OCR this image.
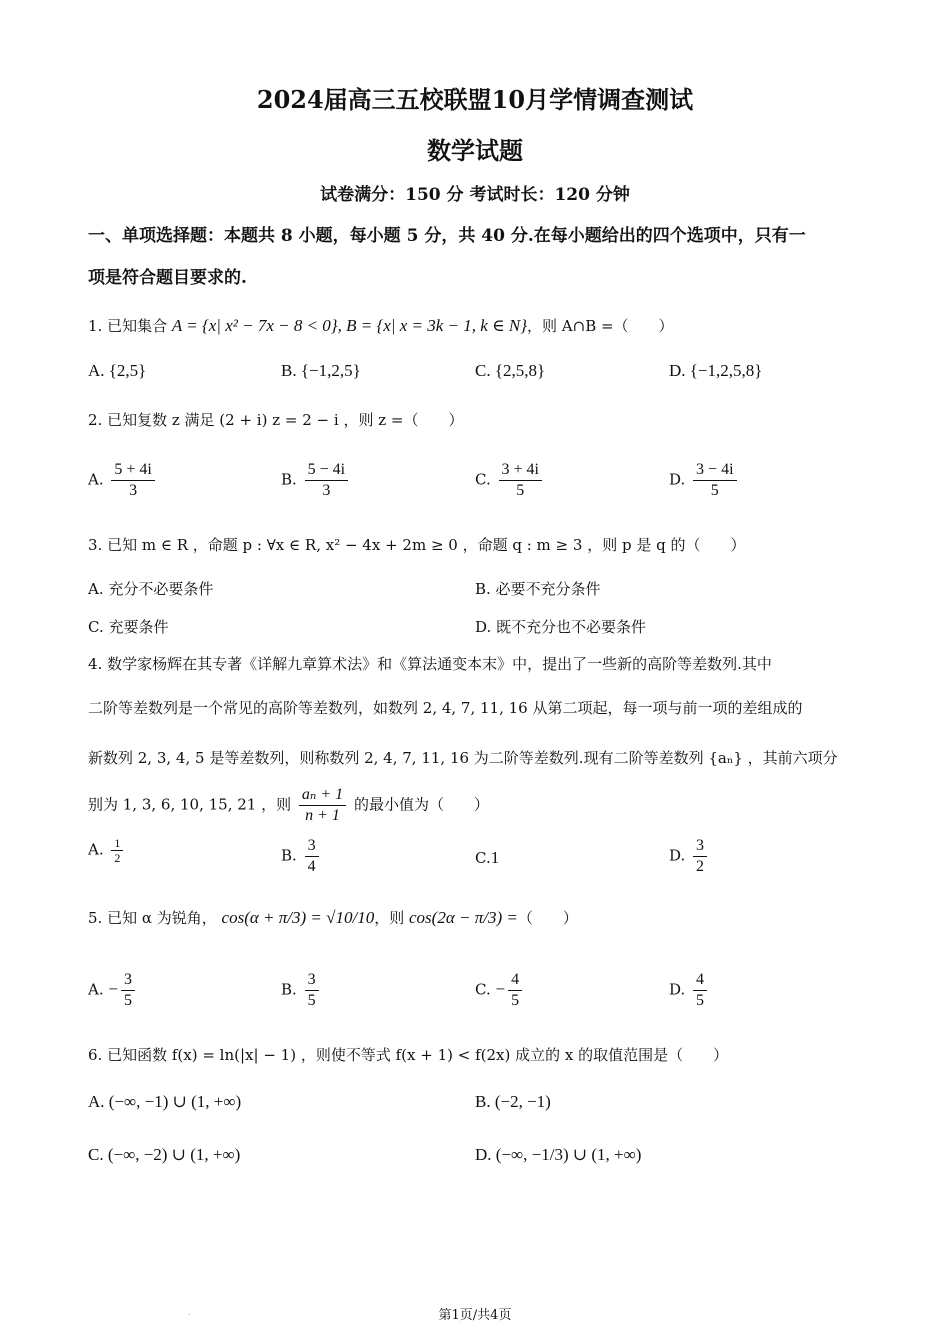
2024届高三五校联盟10月学情调查测试
数学试题
试卷满分：150 分 考试时长：120 分钟
一、单项选择题：本题共 8 小题，每小题 5 分，共 40 分.在每小题给出的四个选项中，只有一
项是符合题目要求的.
1. 已知集合 A = {x| x² − 7x − 8 < 0}, B = {x| x = 3k − 1, k ∈ N}，则 A∩B =（　　）
A. {2,5}	B. {−1,2,5}	C. {2,5,8}	D. {−1,2,5,8}
2. 已知复数 z 满足 (2 + i) z = 2 − i ，则 z =（　　）
A. $\frac{5 + 4i}{3}$	B. $\frac{5 - 4i}{3}$	C. $\frac{3 + 4i}{5}$	D. $\frac{3 - 4i}{5}$
3. 已知 m ∈ R ，命题 p : ∀x ∈ R, x² − 4x + 2m ≥ 0 ，命题 q : m ≥ 3 ，则 p 是 q 的（　　）
A. 充分不必要条件	B. 必要不充分条件
C. 充要条件	D. 既不充分也不必要条件
4. 数学家杨辉在其专著《详解九章算术法》和《算法通变本末》中，提出了一些新的高阶等差数列.其中
二阶等差数列是一个常见的高阶等差数列，如数列 2, 4, 7, 11, 16 从第二项起，每一项与前一项的差组成的
新数列 2, 3, 4, 5 是等差数列，则称数列 2, 4, 7, 11, 16 为二阶等差数列.现有二阶等差数列 {aₙ} ，其前六项分
别为 1, 3, 6, 10, 15, 21 ，则 $\frac{\text{aₙ + 1}}{n + 1}$ 的最小值为（　　）
A. $\frac{1}{2}$	B. $\frac{3}{4}$	C.1	D. $\frac{3}{2}$
5. 已知 α 为锐角， cos(α + π/3) = √10/10，则 cos(2α − π/3) =（　　）
A. − $\frac{3}{5}$	B. $\frac{3}{5}$	C. − $\frac{4}{5}$	D. $\frac{4}{5}$
6. 已知函数 f(x) = ln(|x| − 1) ，则使不等式 f(x + 1) < f(2x) 成立的 x 的取值范围是（　　）
A. (−∞, −1) ∪ (1, +∞)	B. (−2, −1)
C. (−∞, −2) ∪ (1, +∞)	D. (−∞, −1/3) ∪ (1, +∞)
.	第1页/共4页
